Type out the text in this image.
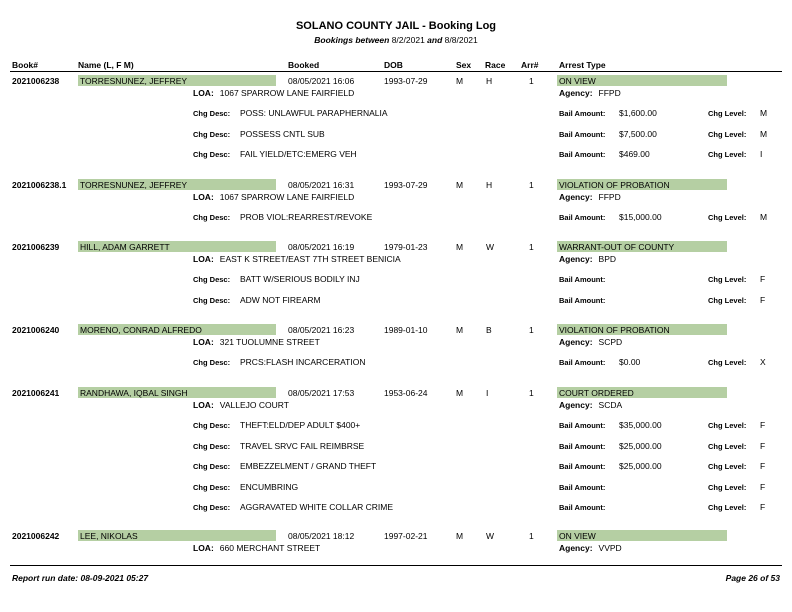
SOLANO COUNTY JAIL - Booking Log
Bookings between 8/2/2021 and 8/8/2021
Book#	Name (L, F M)	Booked	DOB	Sex Race Arr# Arrest Type
2021006238 TORRESNUNEZ, JEFFREY	08/05/2021 16:06	1993-07-29	M	H	1	ON VIEW
LOA: 1067 SPARROW LANE FAIRFIELD	Agency: FFPD
Chg Desc: POSS: UNLAWFUL PARAPHERNALIA	Bail Amount: $1,600.00	Chg Level: M
Chg Desc: POSSESS CNTL SUB	Bail Amount: $7,500.00	Chg Level: M
Chg Desc: FAIL YIELD/ETC:EMERG VEH	Bail Amount: $469.00	Chg Level: I
2021006238.1 TORRESNUNEZ, JEFFREY	08/05/2021 16:31	1993-07-29	M	H	1	VIOLATION OF PROBATION
LOA: 1067 SPARROW LANE FAIRFIELD	Agency: FFPD
Chg Desc: PROB VIOL:REARREST/REVOKE	Bail Amount: $15,000.00	Chg Level: M
2021006239 HILL, ADAM GARRETT	08/05/2021 16:19	1979-01-23	M	W	1	WARRANT-OUT OF COUNTY
LOA: EAST K STREET/EAST 7TH STREET BENICIA	Agency: BPD
Chg Desc: BATT W/SERIOUS BODILY INJ	Bail Amount:	Chg Level: F
Chg Desc: ADW NOT FIREARM	Bail Amount:	Chg Level: F
2021006240 MORENO, CONRAD ALFREDO	08/05/2021 16:23	1989-01-10	M	B	1	VIOLATION OF PROBATION
LOA: 321 TUOLUMNE STREET	Agency: SCPD
Chg Desc: PRCS:FLASH INCARCERATION	Bail Amount: $0.00	Chg Level: X
2021006241 RANDHAWA, IQBAL SINGH	08/05/2021 17:53	1953-06-24	M	I	1	COURT ORDERED
LOA: VALLEJO COURT	Agency: SCDA
Chg Desc: THEFT:ELD/DEP ADULT $400+	Bail Amount: $35,000.00	Chg Level: F
Chg Desc: TRAVEL SRVC FAIL REIMBRSE	Bail Amount: $25,000.00	Chg Level: F
Chg Desc: EMBEZZELMENT / GRAND THEFT	Bail Amount: $25,000.00	Chg Level: F
Chg Desc: ENCUMBRING	Bail Amount:	Chg Level: F
Chg Desc: AGGRAVATED WHITE COLLAR CRIME	Bail Amount:	Chg Level: F
2021006242 LEE, NIKOLAS	08/05/2021 18:12	1997-02-21	M	W	1	ON VIEW
LOA: 660 MERCHANT STREET	Agency: VVPD
Report run date: 08-09-2021 05:27	Page 26 of 53
